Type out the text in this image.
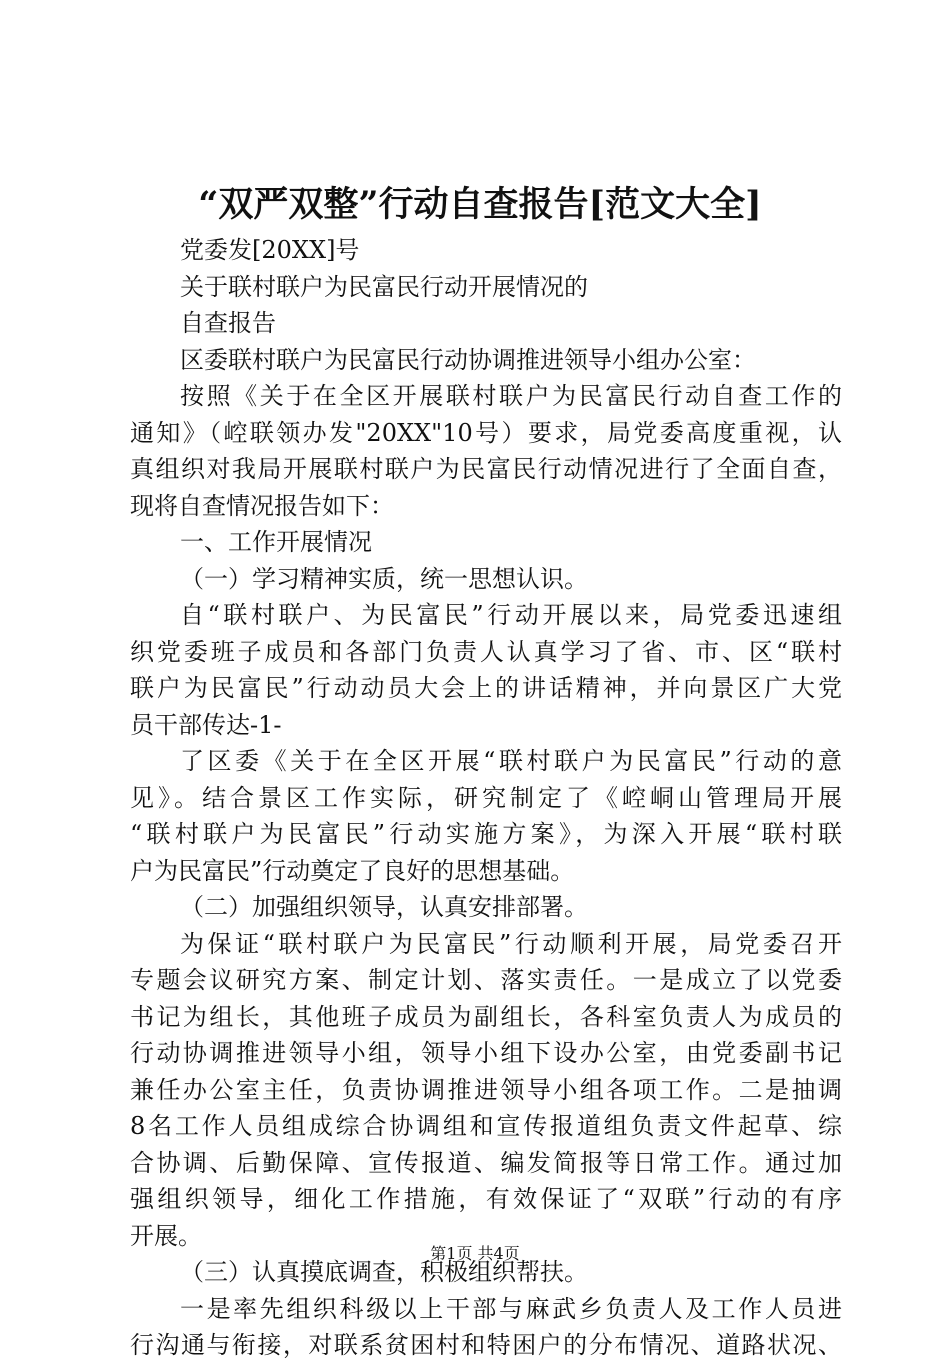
“双严双整”行动自查报告[范文大全]
党委发[20XX]号
关于联村联户为民富民行动开展情况的
自查报告
区委联村联户为民富民行动协调推进领导小组办公室：
按照《关于在全区开展联村联户为民富民行动自查工作的
通知》（崆联领办发"20XX"10号）要求，局党委高度重视，认
真组织对我局开展联村联户为民富民行动情况进行了全面自查，
现将自查情况报告如下：
一、工作开展情况
（一）学习精神实质，统一思想认识。
自“联村联户、为民富民”行动开展以来，局党委迅速组
织党委班子成员和各部门负责人认真学习了省、市、区“联村
联户为民富民”行动动员大会上的讲话精神，并向景区广大党
员干部传达-1-
了区委《关于在全区开展“联村联户为民富民”行动的意
见》。结合景区工作实际，研究制定了《崆峒山管理局开展
“联村联户为民富民”行动实施方案》，为深入开展“联村联
户为民富民”行动奠定了良好的思想基础。
（二）加强组织领导，认真安排部署。
为保证“联村联户为民富民”行动顺利开展，局党委召开
专题会议研究方案、制定计划、落实责任。一是成立了以党委
书记为组长，其他班子成员为副组长，各科室负责人为成员的
行动协调推进领导小组，领导小组下设办公室，由党委副书记
兼任办公室主任，负责协调推进领导小组各项工作。二是抽调
8名工作人员组成综合协调组和宣传报道组负责文件起草、综
合协调、后勤保障、宣传报道、编发简报等日常工作。通过加
强组织领导，细化工作措施，有效保证了“双联”行动的有序
开展。
（三）认真摸底调查，积极组织帮扶。
一是率先组织科级以上干部与麻武乡负责人及工作人员进
行沟通与衔接，对联系贫困村和特困户的分布情况、道路状况、
第1页 共4页
